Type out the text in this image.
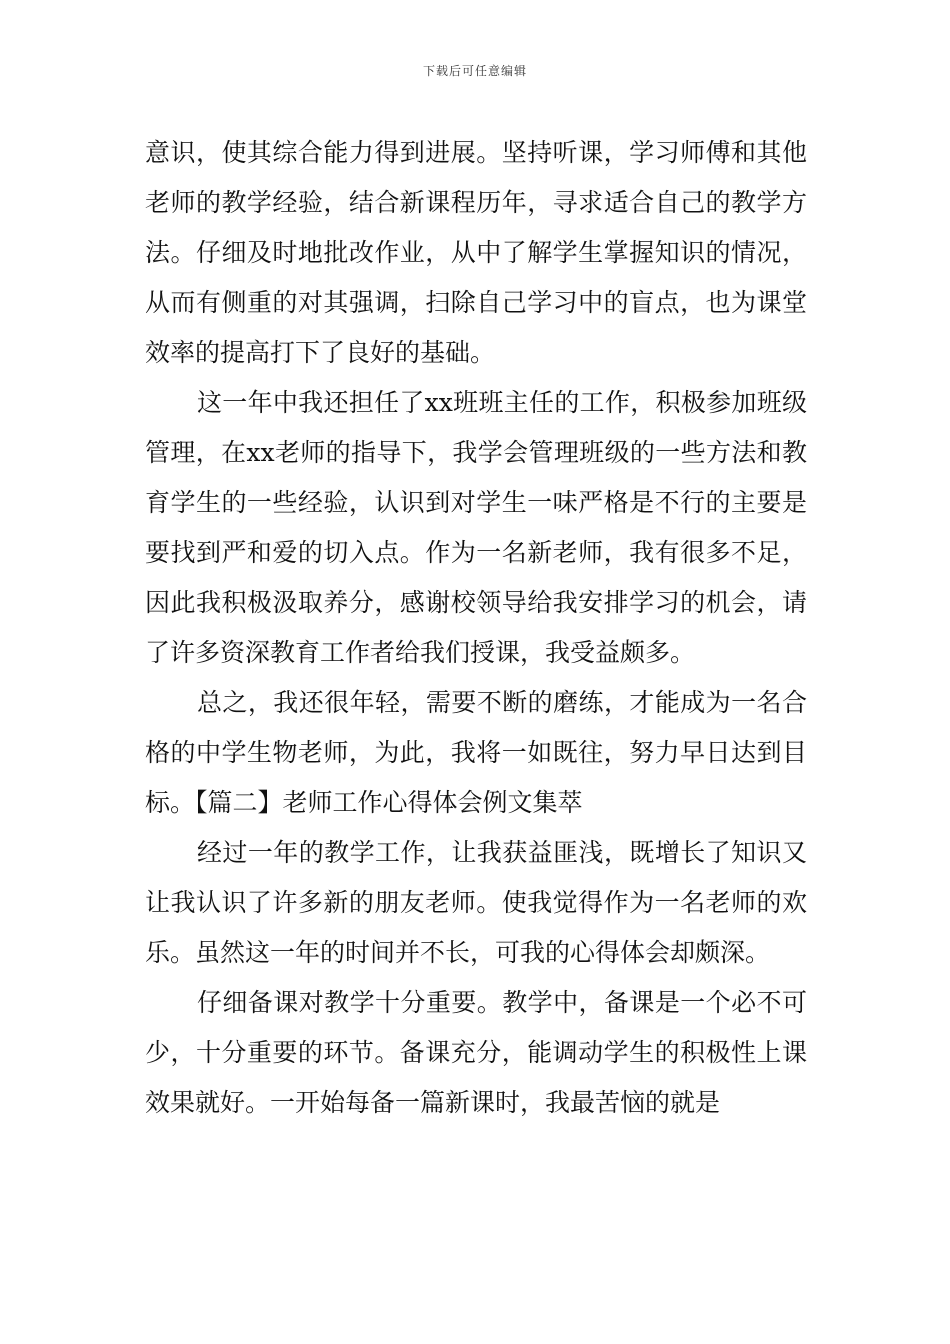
下载后可任意编辑

意识，使其综合能力得到进展。坚持听课，学习师傅和其他老师的教学经验，结合新课程历年，寻求适合自己的教学方法。仔细及时地批改作业，从中了解学生掌握知识的情况，从而有侧重的对其强调，扫除自己学习中的盲点，也为课堂效率的提高打下了良好的基础。

这一年中我还担任了xx班班主任的工作，积极参加班级管理，在xx老师的指导下，我学会管理班级的一些方法和教育学生的一些经验，认识到对学生一味严格是不行的主要是要找到严和爱的切入点。作为一名新老师，我有很多不足，因此我积极汲取养分，感谢校领导给我安排学习的机会，请了许多资深教育工作者给我们授课，我受益颇多。

总之，我还很年轻，需要不断的磨练，才能成为一名合格的中学生物老师，为此，我将一如既往，努力早日达到目标。【篇二】老师工作心得体会例文集萃

经过一年的教学工作，让我获益匪浅，既增长了知识又让我认识了许多新的朋友老师。使我觉得作为一名老师的欢乐。虽然这一年的时间并不长，可我的心得体会却颇深。

仔细备课对教学十分重要。教学中，备课是一个必不可少，十分重要的环节。备课充分，能调动学生的积极性上课效果就好。一开始每备一篇新课时，我最苦恼的就是
